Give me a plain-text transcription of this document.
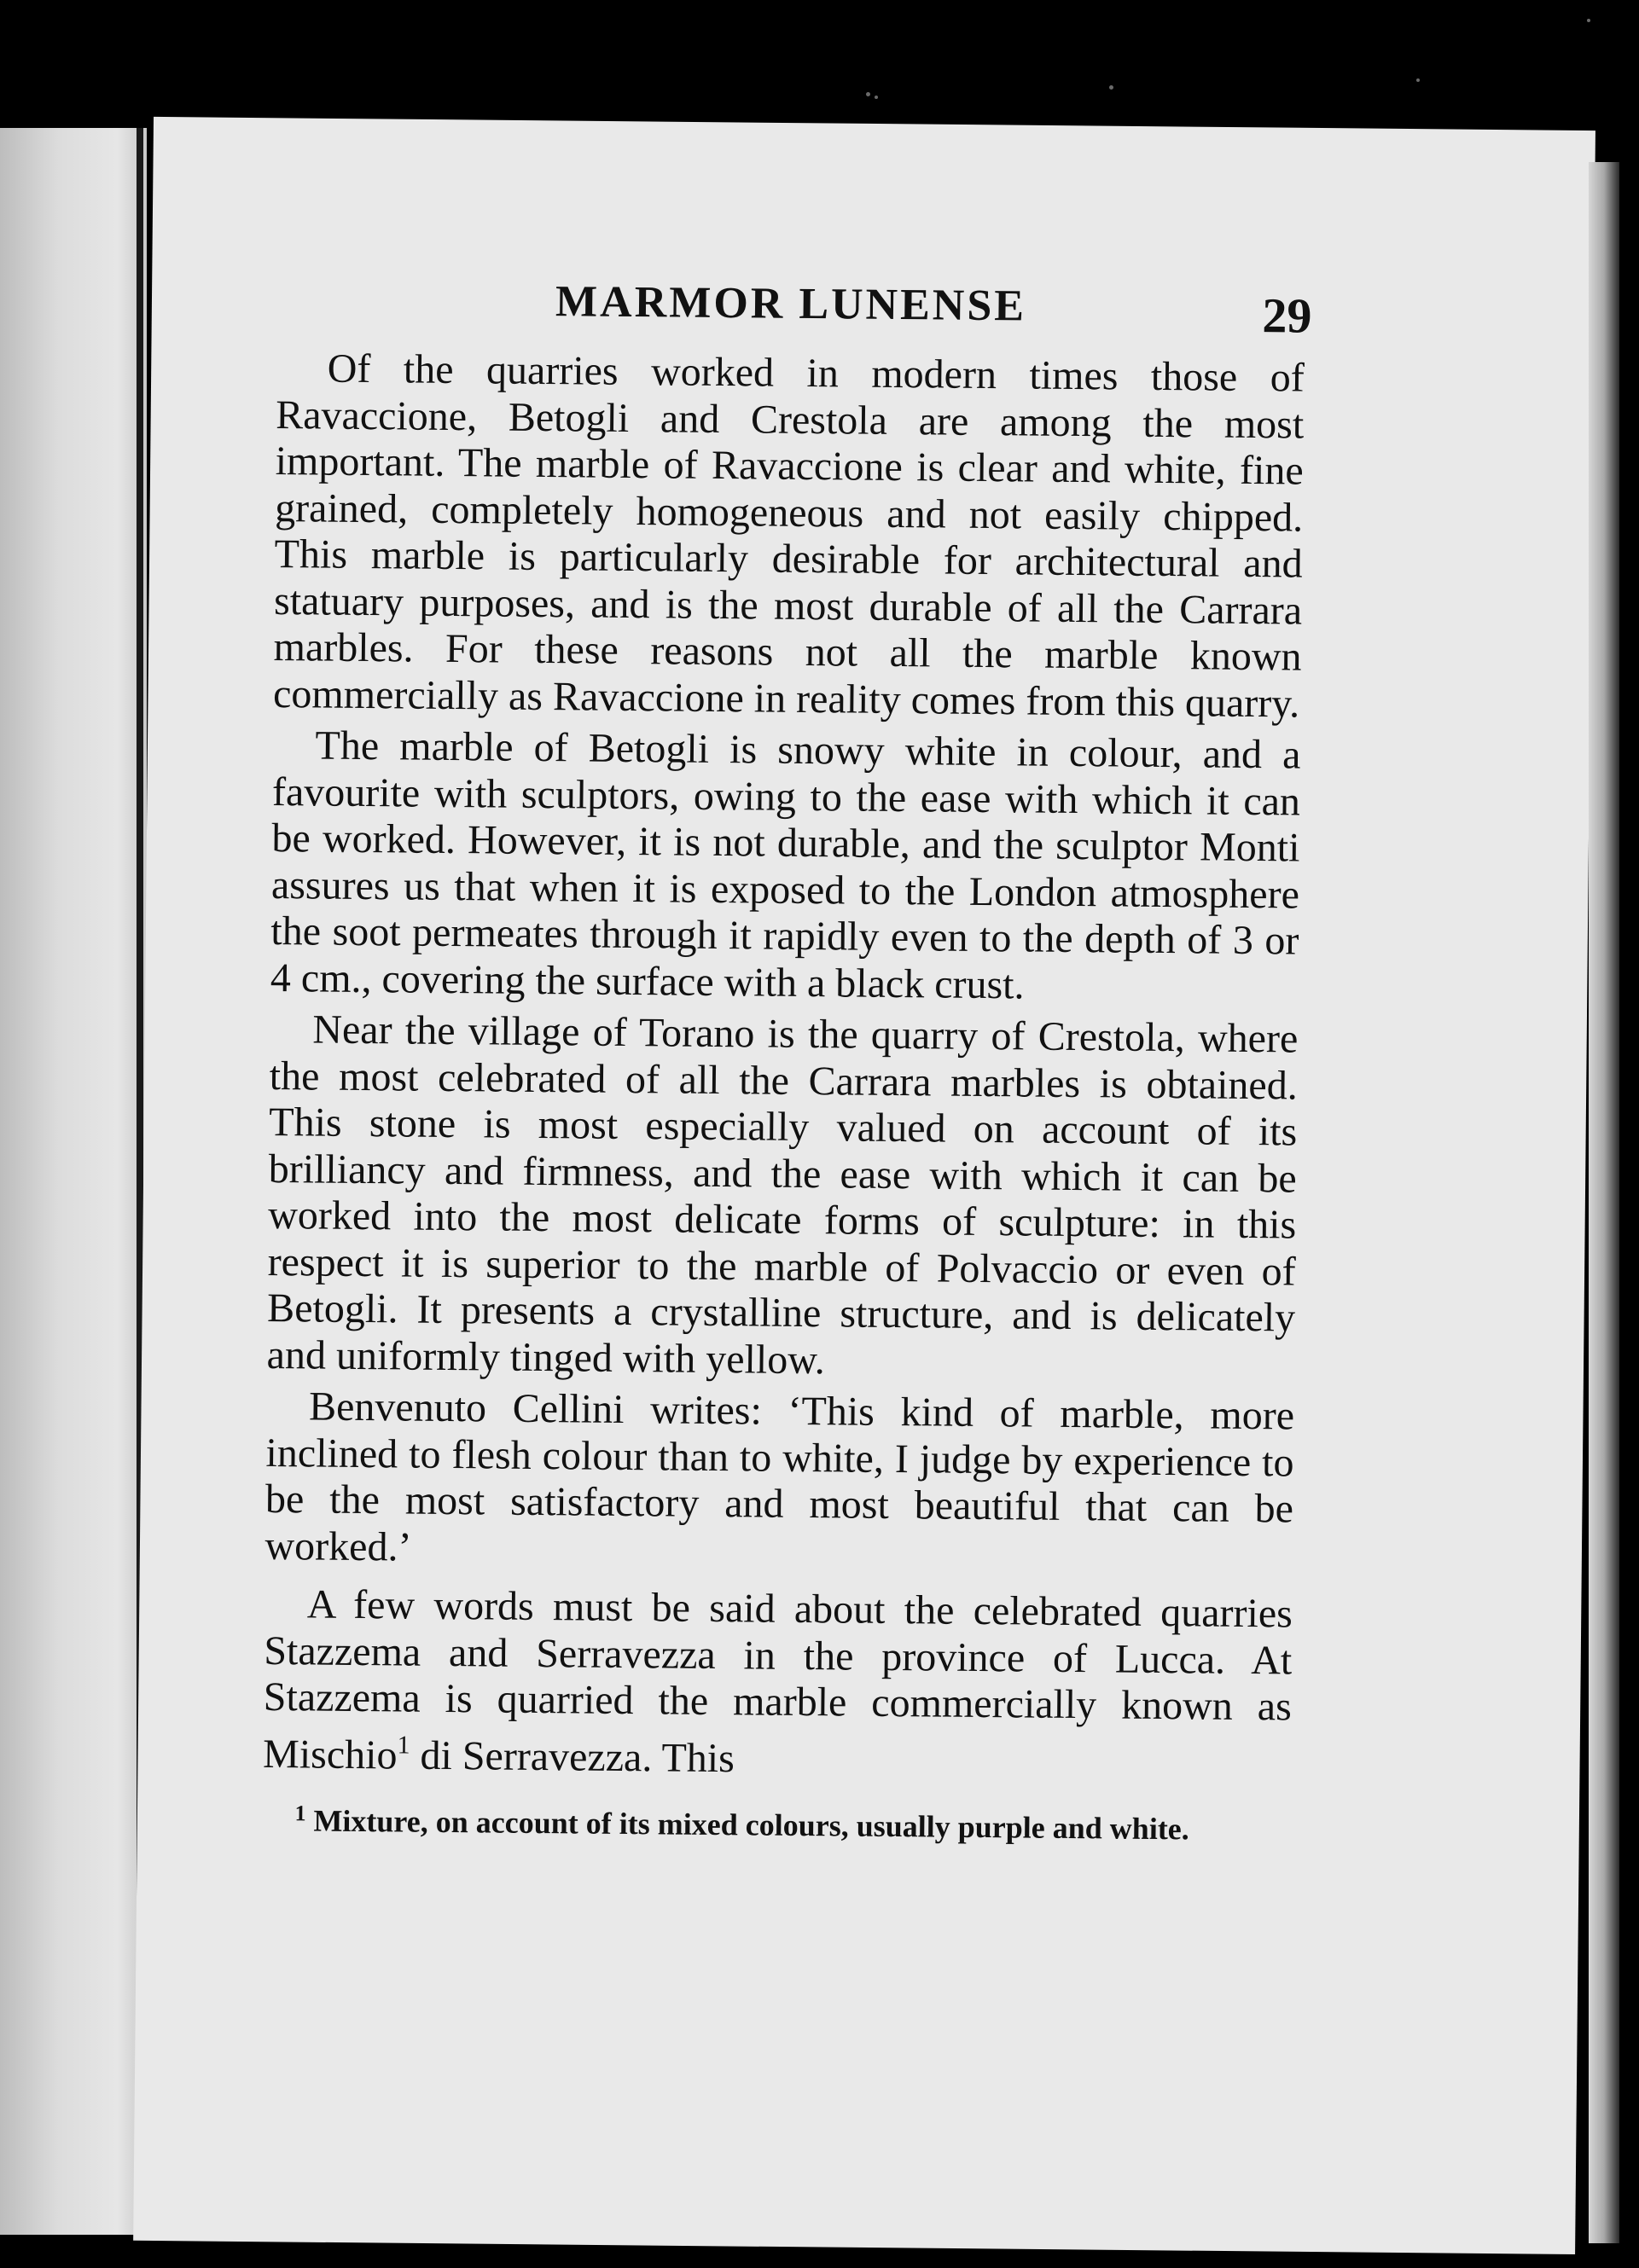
MARMOR LUNENSE	29

Of the quarries worked in modern times those of Ravaccione, Betogli and Crestola are among the most important. The marble of Ravaccione is clear and white, fine grained, completely homogeneous and not easily chipped. This marble is particularly desirable for architectural and statuary purposes, and is the most durable of all the Carrara marbles. For these reasons not all the marble known commercially as Ravaccione in reality comes from this quarry.

The marble of Betogli is snowy white in colour, and a favourite with sculptors, owing to the ease with which it can be worked. However, it is not durable, and the sculptor Monti assures us that when it is exposed to the London atmosphere the soot permeates through it rapidly even to the depth of 3 or 4 cm., covering the surface with a black crust.

Near the village of Torano is the quarry of Crestola, where the most celebrated of all the Carrara marbles is obtained. This stone is most especially valued on account of its brilliancy and firmness, and the ease with which it can be worked into the most delicate forms of sculpture: in this respect it is superior to the marble of Polvaccio or even of Betogli. It presents a crystalline structure, and is delicately and uniformly tinged with yellow.

Benvenuto Cellini writes: ‘This kind of marble, more inclined to flesh colour than to white, I judge by experience to be the most satisfactory and most beautiful that can be worked.’

A few words must be said about the celebrated quarries Stazzema and Serravezza in the province of Lucca. At Stazzema is quarried the marble commercially known as Mischio$^1$ di Serravezza. This

$^1$ Mixture, on account of its mixed colours, usually purple and white.
